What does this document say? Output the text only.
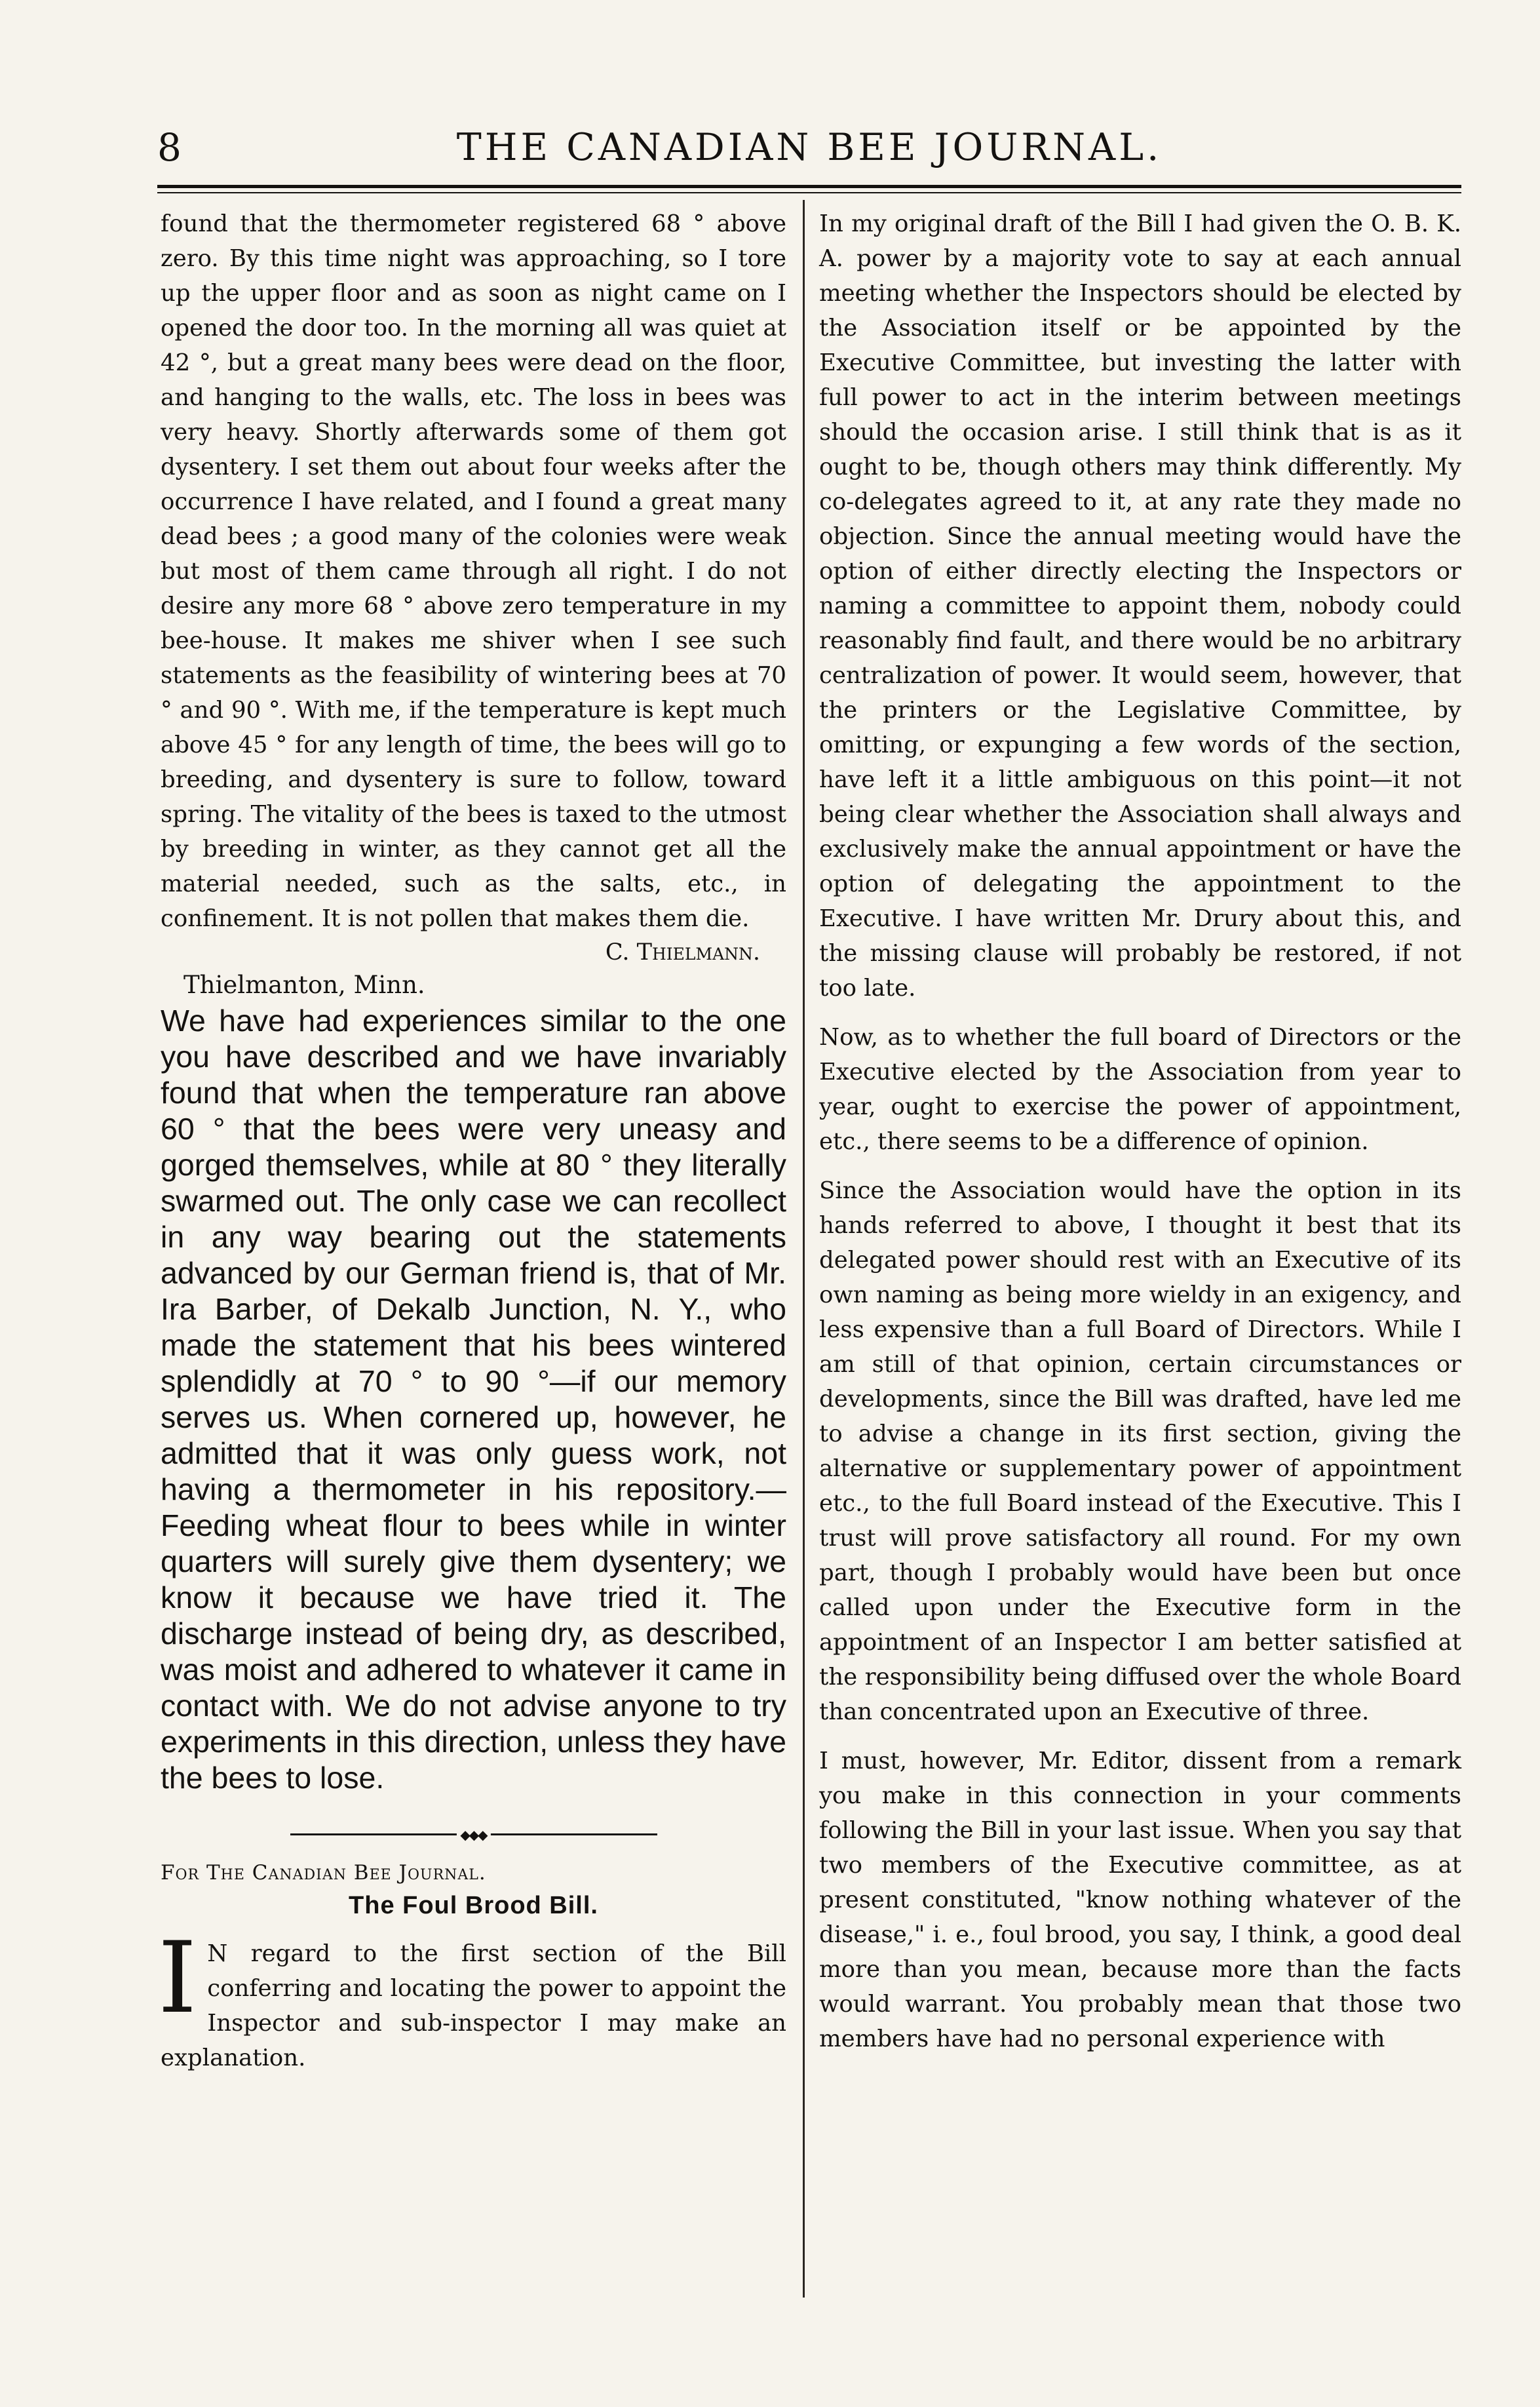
8	THE CANADIAN BEE JOURNAL.

found that the thermometer registered 68 ° above zero. By this time night was approaching, so I tore up the upper floor and as soon as night came on I opened the door too. In the morning all was quiet at 42 °, but a great many bees were dead on the floor, and hanging to the walls, etc. The loss in bees was very heavy. Shortly afterwards some of them got dysentery. I set them out about four weeks after the occurrence I have related, and I found a great many dead bees ; a good many of the colonies were weak but most of them came through all right. I do not desire any more 68 ° above zero temperature in my bee-house. It makes me shiver when I see such statements as the feasibility of wintering bees at 70 ° and 90 °. With me, if the temperature is kept much above 45 ° for any length of time, the bees will go to breeding, and dysentery is sure to follow, toward spring. The vitality of the bees is taxed to the utmost by breeding in winter, as they cannot get all the material needed, such as the salts, etc., in confinement. It is not pollen that makes them die.

C. Thielmann.

Thielmanton, Minn.

We have had experiences similar to the one you have described and we have invariably found that when the temperature ran above 60 ° that the bees were very uneasy and gorged themselves, while at 80 ° they literally swarmed out. The only case we can recollect in any way bearing out the statements advanced by our German friend is, that of Mr. Ira Barber, of Dekalb Junction, N. Y., who made the statement that his bees wintered splendidly at 70 ° to 90 °—if our memory serves us. When cornered up, however, he admitted that it was only guess work, not having a thermometer in his repository.—Feeding wheat flour to bees while in winter quarters will surely give them dysentery; we know it because we have tried it. The discharge instead of being dry, as described, was moist and adhered to whatever it came in contact with. We do not advise anyone to try experiments in this direction, unless they have the bees to lose.

◆◆◆

For The Canadian Bee Journal.

The Foul Brood Bill.

I N regard to the first section of the Bill conferring and locating the power to appoint the Inspector and sub-inspector I may make an explanation.

In my original draft of the Bill I had given the O. B. K. A. power by a majority vote to say at each annual meeting whether the Inspectors should be elected by the Association itself or be appointed by the Executive Committee, but investing the latter with full power to act in the interim between meetings should the occasion arise. I still think that is as it ought to be, though others may think differently. My co-delegates agreed to it, at any rate they made no objection. Since the annual meeting would have the option of either directly electing the Inspectors or naming a committee to appoint them, nobody could reasonably find fault, and there would be no arbitrary centralization of power. It would seem, however, that the printers or the Legislative Committee, by omitting, or expunging a few words of the section, have left it a little ambiguous on this point—it not being clear whether the Association shall always and exclusively make the annual appointment or have the option of delegating the appointment to the Executive. I have written Mr. Drury about this, and the missing clause will probably be restored, if not too late.

Now, as to whether the full board of Directors or the Executive elected by the Association from year to year, ought to exercise the power of appointment, etc., there seems to be a difference of opinion.

Since the Association would have the option in its hands referred to above, I thought it best that its delegated power should rest with an Executive of its own naming as being more wieldy in an exigency, and less expensive than a full Board of Directors. While I am still of that opinion, certain circumstances or developments, since the Bill was drafted, have led me to advise a change in its first section, giving the alternative or supplementary power of appointment etc., to the full Board instead of the Executive. This I trust will prove satisfactory all round. For my own part, though I probably would have been but once called upon under the Executive form in the appointment of an Inspector I am better satisfied at the responsibility being diffused over the whole Board than concentrated upon an Executive of three.

I must, however, Mr. Editor, dissent from a remark you make in this connection in your comments following the Bill in your last issue. When you say that two members of the Executive committee, as at present constituted, "know nothing whatever of the disease," i. e., foul brood, you say, I think, a good deal more than you mean, because more than the facts would warrant. You probably mean that those two members have had no personal experience with
